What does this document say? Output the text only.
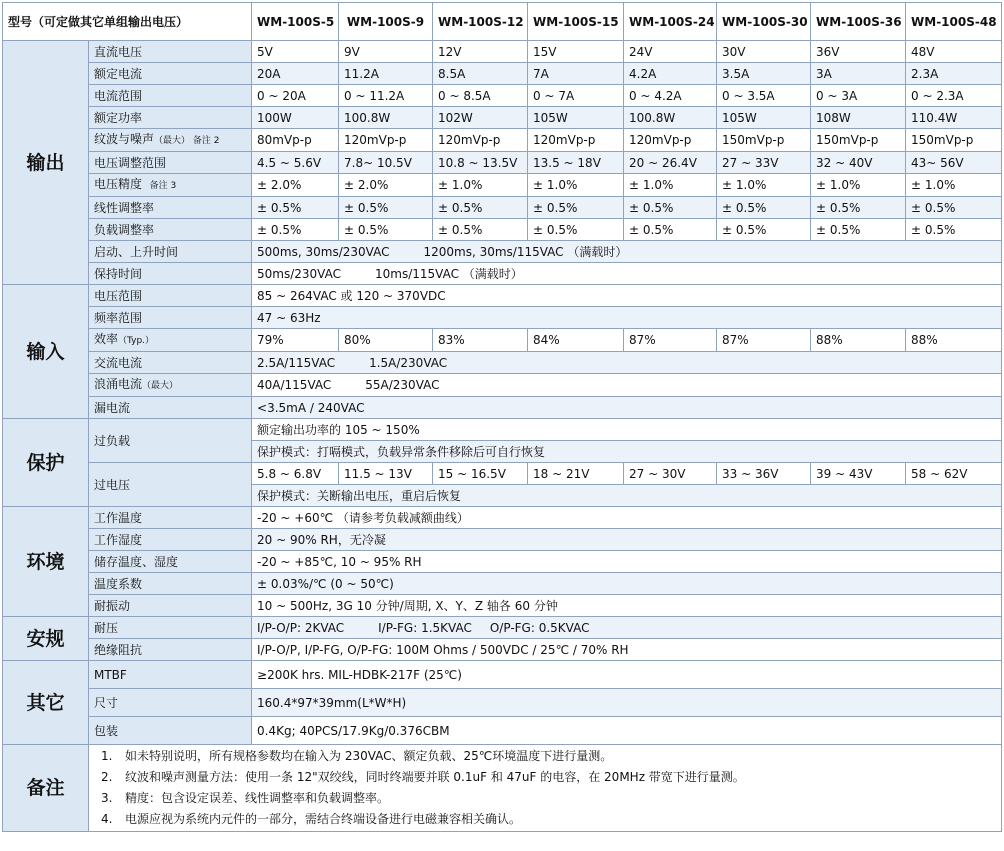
型号（可定做其它单组输出电压）		WM-100S-5	WM-100S-9	WM-100S-12	WM-100S-15	WM-100S-24	WM-100S-30	WM-100S-36	WM-100S-48
输出	直流电压	5V	9V	12V	15V	24V	30V	36V	48V
	额定电流	20A	11.2A	8.5A	7A	4.2A	3.5A	3A	2.3A
	电流范围	0 ~ 20A	0 ~ 11.2A	0 ~ 8.5A	0 ~ 7A	0 ~ 4.2A	0 ~ 3.5A	0 ~ 3A	0 ~ 2.3A
	额定功率	100W	100.8W	102W	105W	100.8W	105W	108W	110.4W
	纹波与噪声（最大） 备注 2	80mVp-p	120mVp-p	120mVp-p	120mVp-p	120mVp-p	150mVp-p	150mVp-p	150mVp-p
	电压调整范围	4.5 ~ 5.6V	7.8~ 10.5V	10.8 ~ 13.5V	13.5 ~ 18V	20 ~ 26.4V	27 ~ 33V	32 ~ 40V	43~ 56V
	电压精度 备注 3	± 2.0%	± 2.0%	± 1.0%	± 1.0%	± 1.0%	± 1.0%	± 1.0%	± 1.0%
	线性调整率	± 0.5%	± 0.5%	± 0.5%	± 0.5%	± 0.5%	± 0.5%	± 0.5%	± 0.5%
	负载调整率	± 0.5%	± 0.5%	± 0.5%	± 0.5%	± 0.5%	± 0.5%	± 0.5%	± 0.5%
	启动、上升时间	500ms, 30ms/230VAC 1200ms, 30ms/115VAC （满载时）							
	保持时间	50ms/230VAC 10ms/115VAC （满载时）							
输入	电压范围	85 ~ 264VAC 或 120 ~ 370VDC							
	频率范围	47 ~ 63Hz							
	效率（Typ.）	79%	80%	83%	84%	87%	87%	88%	88%
	交流电流	2.5A/115VAC 1.5A/230VAC							
	浪涌电流（最大）	40A/115VAC 55A/230VAC							
	漏电流	<3.5mA / 240VAC							
保护	过负载	额定输出功率的 105 ~ 150%							
		保护模式：打嗝模式，负载异常条件移除后可自行恢复							
	过电压	5.8 ~ 6.8V	11.5 ~ 13V	15 ~ 16.5V	18 ~ 21V	27 ~ 30V	33 ~ 36V	39 ~ 43V	58 ~ 62V
		保护模式：关断输出电压，重启后恢复							
环境	工作温度	-20 ~ +60℃ （请参考负载减额曲线）							
	工作湿度	20 ~ 90% RH，无冷凝							
	储存温度、湿度	-20 ~ +85℃, 10 ~ 95% RH							
	温度系数	± 0.03%/℃ (0 ~ 50℃)							
	耐振动	10 ~ 500Hz, 3G 10 分钟/周期, X、Y、Z 轴各 60 分钟							
安规	耐压	I/P-O/P: 2KVAC I/P-FG: 1.5KVAC O/P-FG: 0.5KVAC							
	绝缘阻抗	I/P-O/P, I/P-FG, O/P-FG: 100M Ohms / 500VDC / 25℃ / 70% RH							
其它	MTBF	≥200K hrs. MIL-HDBK-217F (25℃)							
	尺寸	160.4*97*39mm(L*W*H)							
	包装	0.4Kg; 40PCS/17.9Kg/0.376CBM							
备注	1. 如未特别说明，所有规格参数均在输入为 230VAC、额定负载、25℃环境温度下进行量测。
2. 纹波和噪声测量方法：使用一条 12"双绞线，同时终端要并联 0.1uF 和 47uF 的电容，在 20MHz 带宽下进行量测。
3. 精度：包含设定误差、线性调整率和负载调整率。
4. 电源应视为系统内元件的一部分，需结合终端设备进行电磁兼容相关确认。								
